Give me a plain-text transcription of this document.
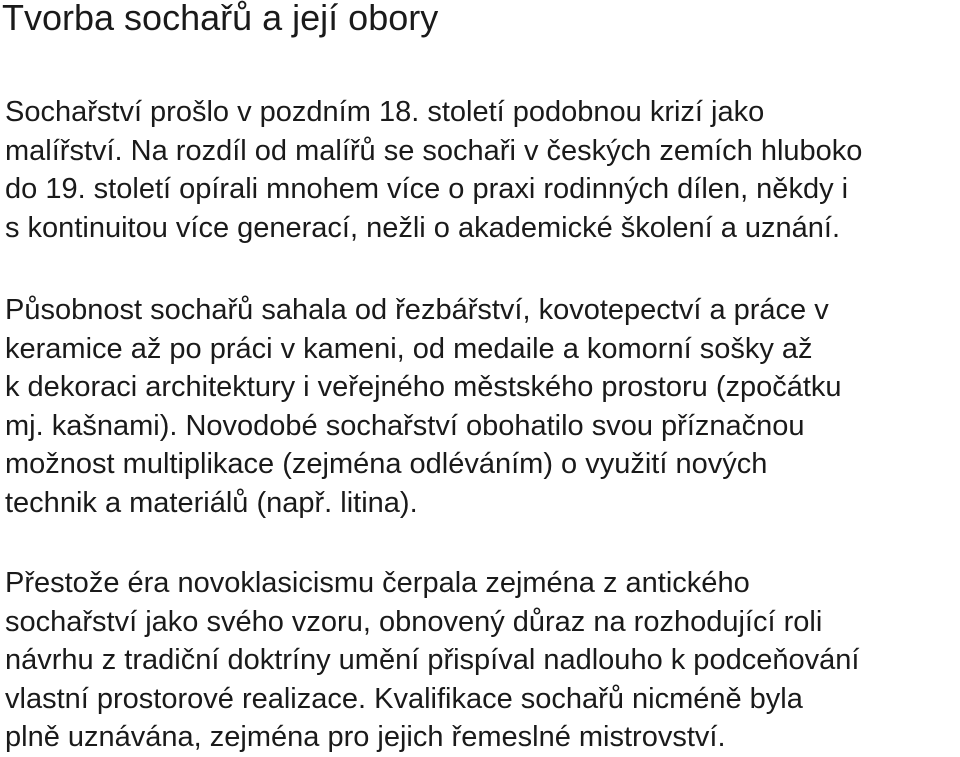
Tvorba sochařů a její obory

Sochařství prošlo v pozdním 18. století podobnou krizí jako
malířství. Na rozdíl od malířů se sochaři v českých zemích hluboko
do 19. století opírali mnohem více o praxi rodinných dílen, někdy i
s kontinuitou více generací, nežli o akademické školení a uznání.

Působnost sochařů sahala od řezbářství, kovotepectví a práce v
keramice až po práci v kameni, od medaile a komorní sošky až
k dekoraci architektury i veřejného městského prostoru (zpočátku
mj. kašnami). Novodobé sochařství obohatilo svou příznačnou
možnost multiplikace (zejména odléváním) o využití nových
technik a materiálů (např. litina).

Přestože éra novoklasicismu čerpala zejména z antického
sochařství jako svého vzoru, obnovený důraz na rozhodující roli
návrhu z tradiční doktríny umění přispíval nadlouho k podceňování
vlastní prostorové realizace. Kvalifikace sochařů nicméně byla
plně uznávána, zejména pro jejich řemeslné mistrovství.
